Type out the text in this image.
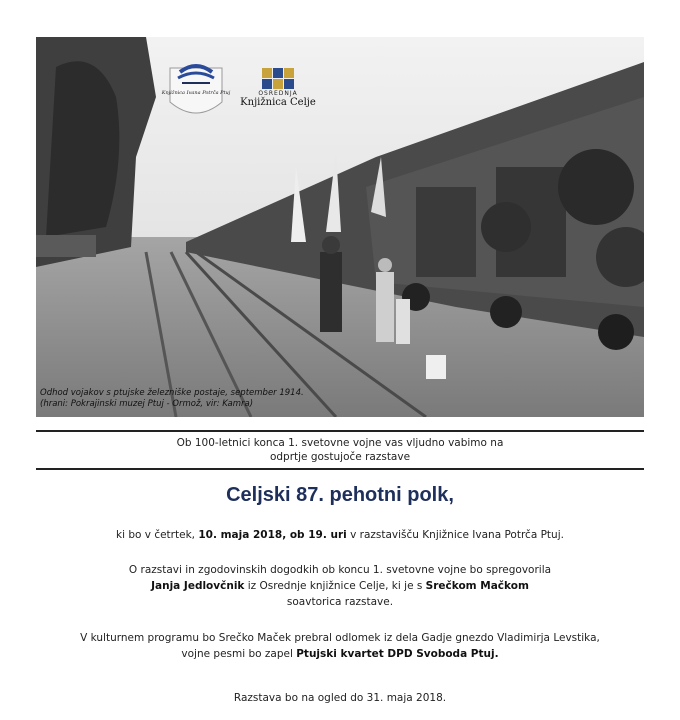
Knjižnica Ivana Potrča Ptuj	OSREDNJA
Knjižnica Celje
Odhod vojakov s ptujske železniške postaje, september 1914.
(hrani: Pokrajinski muzej Ptuj - Ormož, vir: Kamra)
Ob 100-letnici konca 1. svetovne vojne vas vljudno vabimo na
odprtje gostujoče razstave
Celjski 87. pehotni polk,
ki bo v četrtek, 10. maja 2018, ob 19. uri v razstavišču Knjižnice Ivana Potrča Ptuj.
O razstavi in zgodovinskih dogodkih ob koncu 1. svetovne vojne bo spregovorila
Janja Jedlovčnik iz Osrednje knjižnice Celje, ki je s Srečkom Mačkom
soavtorica razstave.
V kulturnem programu bo Srečko Maček prebral odlomek iz dela Gadje gnezdo Vladimirja Levstika,
vojne pesmi bo zapel Ptujski kvartet DPD Svoboda Ptuj.
Razstava bo na ogled do 31. maja 2018.
